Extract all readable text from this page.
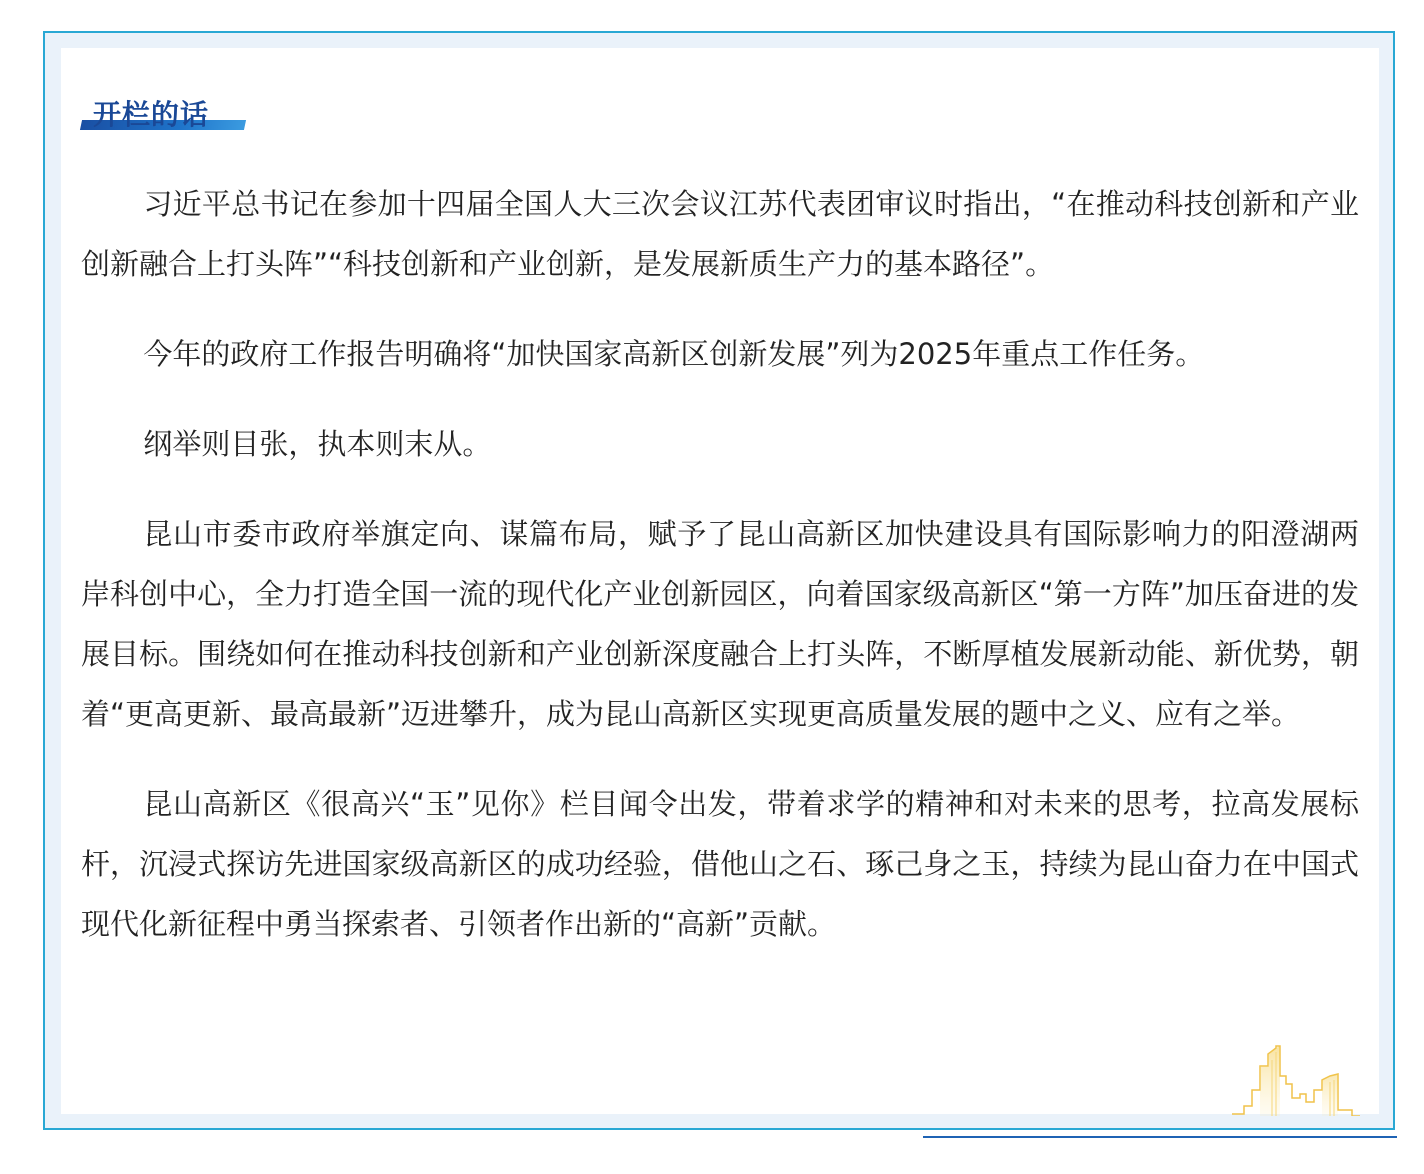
开栏的话

习近平总书记在参加十四届全国人大三次会议江苏代表团审议时指出，“在推动科技创新和产业创新融合上打头阵”“科技创新和产业创新，是发展新质生产力的基本路径”。

今年的政府工作报告明确将“加快国家高新区创新发展”列为2025年重点工作任务。

纲举则目张，执本则末从。

昆山市委市政府举旗定向、谋篇布局，赋予了昆山高新区加快建设具有国际影响力的阳澄湖两岸科创中心，全力打造全国一流的现代化产业创新园区，向着国家级高新区“第一方阵”加压奋进的发展目标。围绕如何在推动科技创新和产业创新深度融合上打头阵，不断厚植发展新动能、新优势，朝着“更高更新、最高最新”迈进攀升，成为昆山高新区实现更高质量发展的题中之义、应有之举。

昆山高新区《很高兴“玉”见你》栏目闻令出发，带着求学的精神和对未来的思考，拉高发展标杆，沉浸式探访先进国家级高新区的成功经验，借他山之石、琢己身之玉，持续为昆山奋力在中国式现代化新征程中勇当探索者、引领者作出新的“高新”贡献。
